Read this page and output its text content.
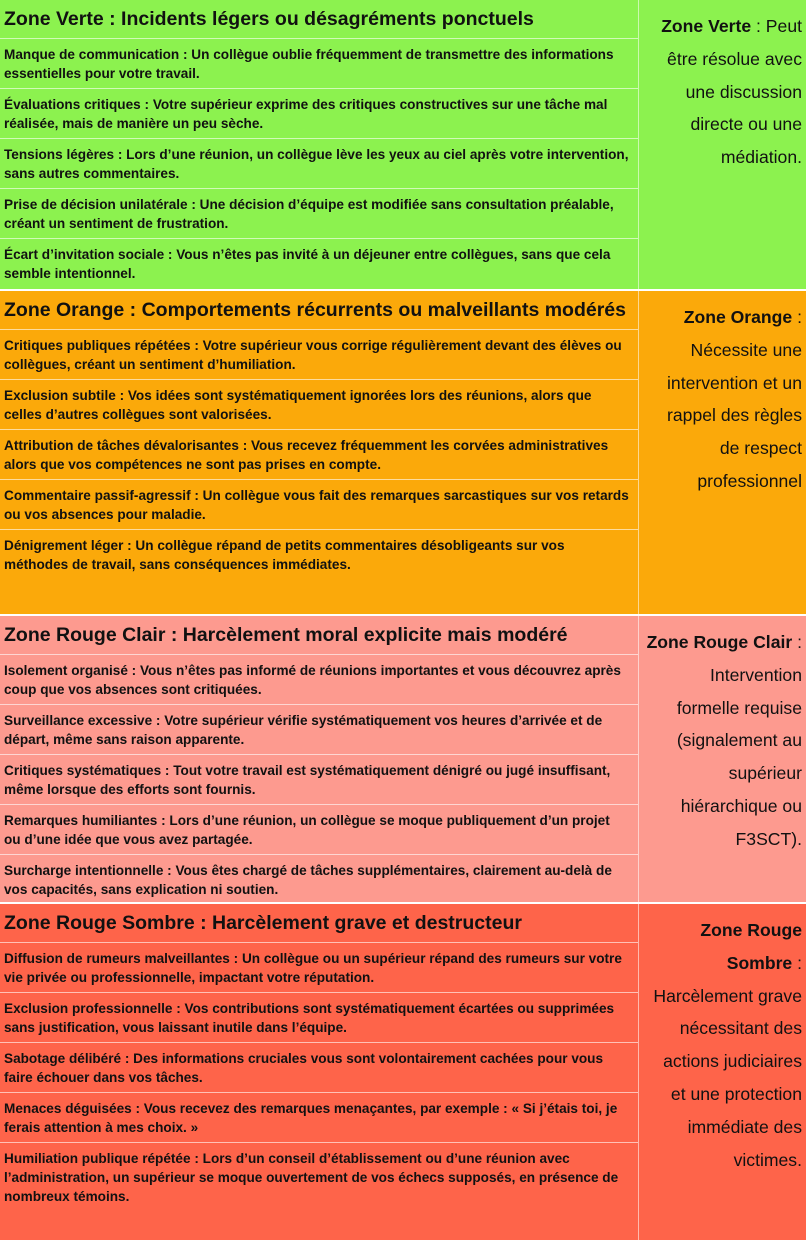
Zone Verte : Incidents légers ou désagréments ponctuels
Manque de communication : Un collègue oublie fréquemment de transmettre des informations essentielles pour votre travail.
Évaluations critiques : Votre supérieur exprime des critiques constructives sur une tâche mal réalisée, mais de manière un peu sèche.
Tensions légères : Lors d’une réunion, un collègue lève les yeux au ciel après votre intervention, sans autres commentaires.
Prise de décision unilatérale : Une décision d’équipe est modifiée sans consultation préalable, créant un sentiment de frustration.
Écart d’invitation sociale : Vous n’êtes pas invité à un déjeuner entre collègues, sans que cela semble intentionnel.

Zone Verte : Peut être résolue avec une discussion directe ou une médiation.

Zone Orange : Comportements récurrents ou malveillants modérés
Critiques publiques répétées : Votre supérieur vous corrige régulièrement devant des élèves ou collègues, créant un sentiment d’humiliation.
Exclusion subtile : Vos idées sont systématiquement ignorées lors des réunions, alors que celles d’autres collègues sont valorisées.
Attribution de tâches dévalorisantes : Vous recevez fréquemment les corvées administratives alors que vos compétences ne sont pas prises en compte.
Commentaire passif-agressif : Un collègue vous fait des remarques sarcastiques sur vos retards ou vos absences pour maladie.
Dénigrement léger : Un collègue répand de petits commentaires désobligeants sur vos méthodes de travail, sans conséquences immédiates.

Zone Orange : Nécessite une intervention et un rappel des règles de respect professionnel

Zone Rouge Clair : Harcèlement moral explicite mais modéré
Isolement organisé : Vous n’êtes pas informé de réunions importantes et vous découvrez après coup que vos absences sont critiquées.
Surveillance excessive : Votre supérieur vérifie systématiquement vos heures d’arrivée et de départ, même sans raison apparente.
Critiques systématiques : Tout votre travail est systématiquement dénigré ou jugé insuffisant, même lorsque des efforts sont fournis.
Remarques humiliantes : Lors d’une réunion, un collègue se moque publiquement d’un projet ou d’une idée que vous avez partagée.
Surcharge intentionnelle : Vous êtes chargé de tâches supplémentaires, clairement au-delà de vos capacités, sans explication ni soutien.

Zone Rouge Clair : Intervention formelle requise (signalement au supérieur hiérarchique ou F3SCT).

Zone Rouge Sombre : Harcèlement grave et destructeur
Diffusion de rumeurs malveillantes : Un collègue ou un supérieur répand des rumeurs sur votre vie privée ou professionnelle, impactant votre réputation.
Exclusion professionnelle : Vos contributions sont systématiquement écartées ou supprimées sans justification, vous laissant inutile dans l’équipe.
Sabotage délibéré : Des informations cruciales vous sont volontairement cachées pour vous faire échouer dans vos tâches.
Menaces déguisées : Vous recevez des remarques menaçantes, par exemple : « Si j’étais toi, je ferais attention à mes choix. »
Humiliation publique répétée : Lors d’un conseil d’établissement ou d’une réunion avec l’administration, un supérieur se moque ouvertement de vos échecs supposés, en présence de nombreux témoins.

Zone Rouge Sombre : Harcèlement grave nécessitant des actions judiciaires et une protection immédiate des victimes.
